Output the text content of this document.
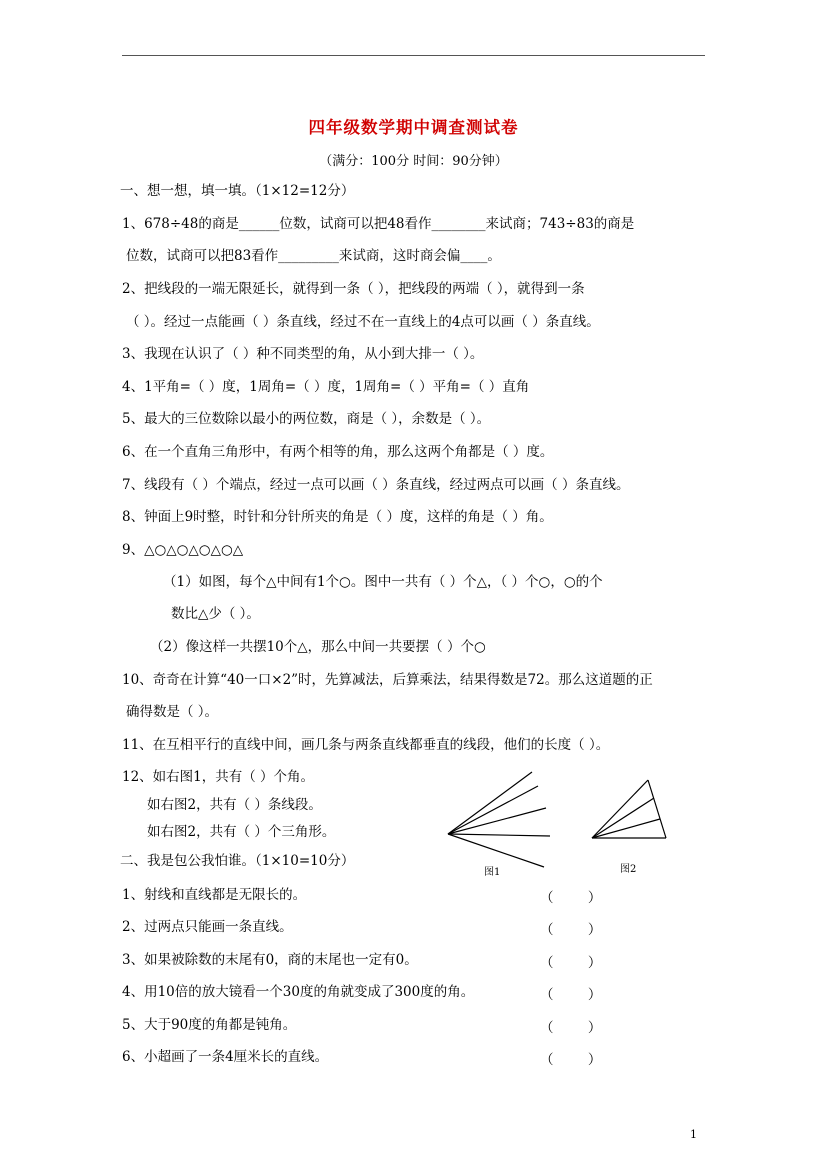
四年级数学期中调查测试卷
（满分：100分 时间：90分钟）
一、想一想，填一填。（1×12=12分）
1、678÷48的商是______位数，试商可以把48看作________来试商；743÷83的商是
位数，试商可以把83看作_________来试商，这时商会偏____。
2、把线段的一端无限延长，就得到一条（ ），把线段的两端（ ），就得到一条
（ ）。经过一点能画（ ）条直线，经过不在一直线上的4点可以画（ ）条直线。
3、我现在认识了（ ）种不同类型的角，从小到大排一（ ）。
4、1平角=（ ）度，1周角=（ ）度，1周角=（ ）平角=（ ）直角
5、最大的三位数除以最小的两位数，商是（ ），余数是（ ）。
6、在一个直角三角形中，有两个相等的角，那么这两个角都是（ ）度。
7、线段有（ ）个端点，经过一点可以画（ ）条直线，经过两点可以画（ ）条直线。
8、钟面上9时整，时针和分针所夹的角是（ ）度，这样的角是（ ）角。
9、△○△○△○△○△
（1）如图，每个△中间有1个○。图中一共有（ ）个△，（ ）个○，○的个
数比△少（ ）。
（2）像这样一共摆10个△，那么中间一共要摆（ ）个○
10、奇奇在计算“40一口×2”时，先算减法，后算乘法，结果得数是72。那么这道题的正
确得数是（ ）。
11、在互相平行的直线中间，画几条与两条直线都垂直的线段，他们的长度（ ）。
12、如右图1，共有（ ）个角。
如右图2，共有（ ）条线段。
如右图2，共有（ ）个三角形。
图1	图2
二、我是包公我怕谁。（1×10=10分）
1、射线和直线都是无限长的。	（        ）
2、过两点只能画一条直线。	（        ）
3、如果被除数的末尾有0，商的末尾也一定有0。	（        ）
4、用10倍的放大镜看一个30度的角就变成了300度的角。	（        ）
5、大于90度的角都是钝角。	（        ）
6、小超画了一条4厘米长的直线。	（        ）
1
